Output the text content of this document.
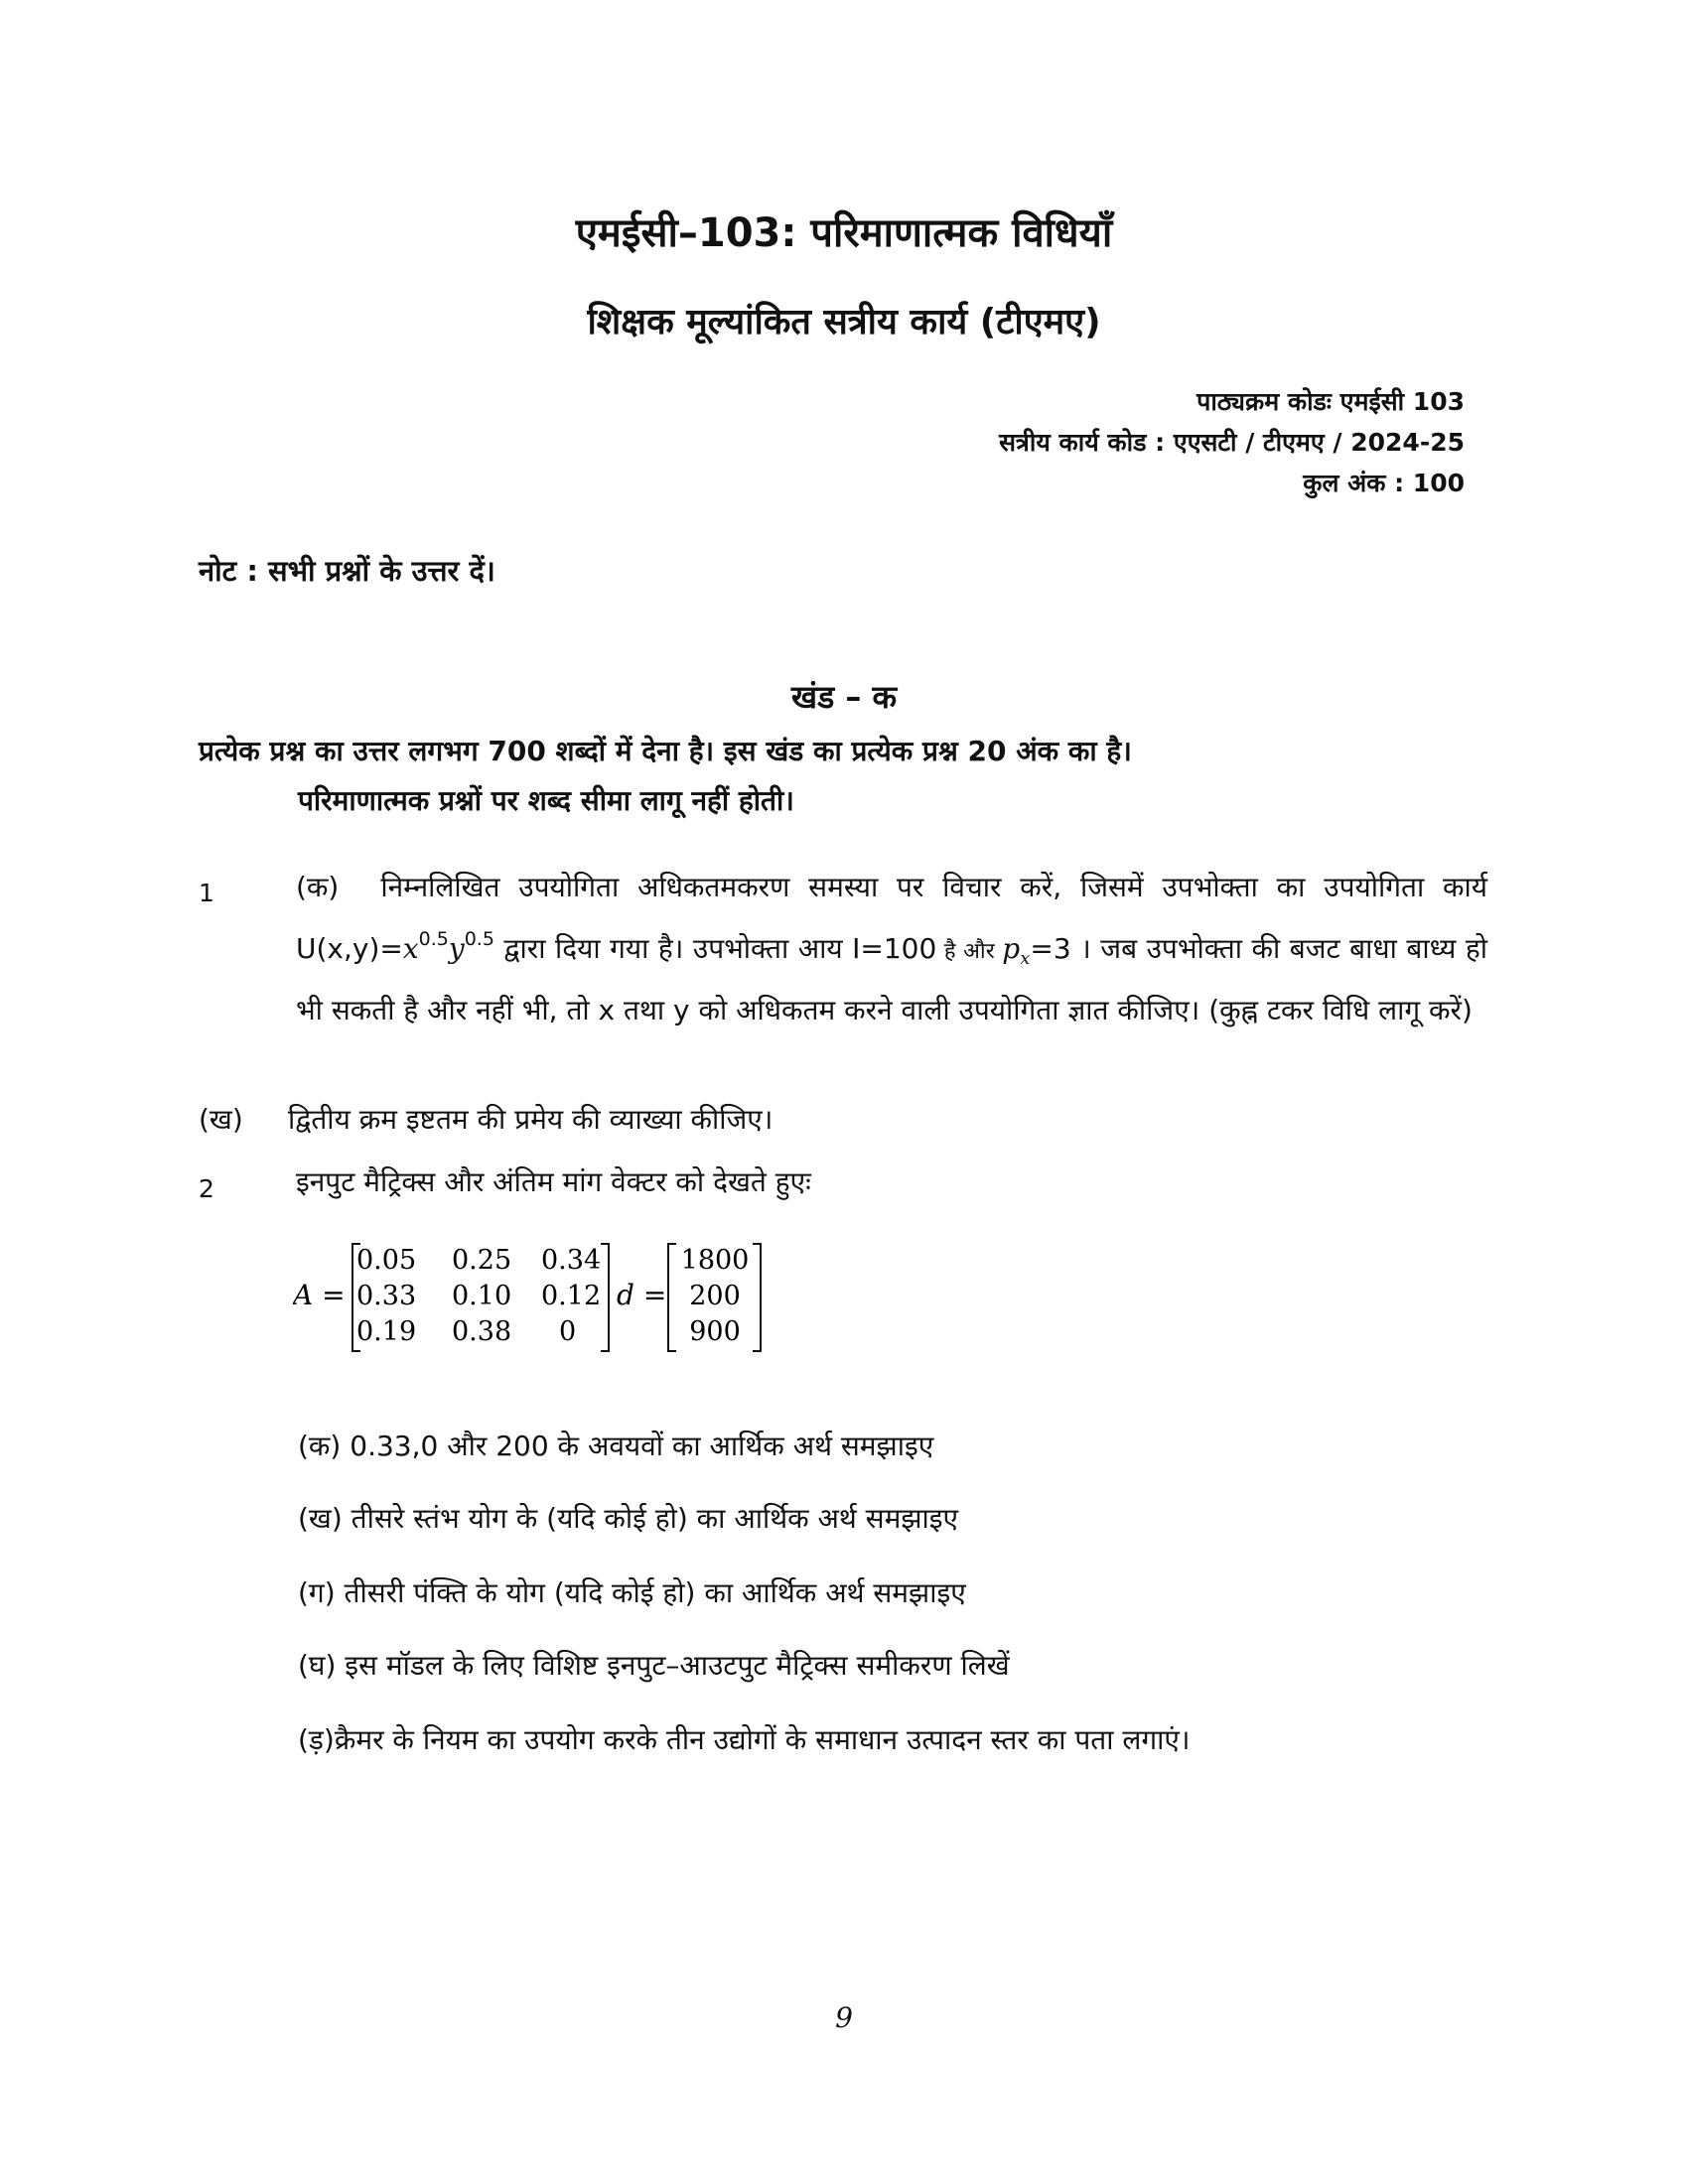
एमईसी–103: परिमाणात्मक विधियाँ
शिक्षक मूल्यांकित सत्रीय कार्य (टीएमए)
पाठ्यक्रम कोडः एमईसी 103
सत्रीय कार्य कोड : एएसटी / टीएमए / 2024-25
कुल अंक : 100
नोट : सभी प्रश्नों के उत्तर दें।
खंड – क
प्रत्येक प्रश्न का उत्तर लगभग 700 शब्दों में देना है। इस खंड का प्रत्येक प्रश्न 20 अंक का है।
परिमाणात्मक प्रश्नों पर शब्द सीमा लागू नहीं होती।
1	(क) निम्नलिखित उपयोगिता अधिकतमकरण समस्या पर विचार करें, जिसमें उपभोक्ता का उपयोगिता कार्य $U(x,y)=x^{0.5}y^{0.5}$ द्वारा दिया गया है। उपभोक्ता आय I=100 है और $p_x=3$ । जब उपभोक्ता की बजट बाधा बाध्य हो भी सकती है और नहीं भी, तो x तथा y को अधिकतम करने वाली उपयोगिता ज्ञात कीजिए। (कुह्न टकर विधि लागू करें)
(ख) द्वितीय क्रम इष्टतम की प्रमेय की व्याख्या कीजिए।
2	इनपुट मैट्रिक्स और अंतिम मांग वेक्टर को देखते हुएः
A =
0.05 0.25 0.34
0.33 0.10 0.12
0.19 0.38 0
d =
1800
200
900
(क) 0.33,0 और 200 के अवयवों का आर्थिक अर्थ समझाइए
(ख) तीसरे स्तंभ योग के (यदि कोई हो) का आर्थिक अर्थ समझाइए
(ग) तीसरी पंक्ति के योग (यदि कोई हो) का आर्थिक अर्थ समझाइए
(घ) इस मॉडल के लिए विशिष्ट इनपुट–आउटपुट मैट्रिक्स समीकरण लिखें
(ड़)क्रैमर के नियम का उपयोग करके तीन उद्योगों के समाधान उत्पादन स्तर का पता लगाएं।
9
